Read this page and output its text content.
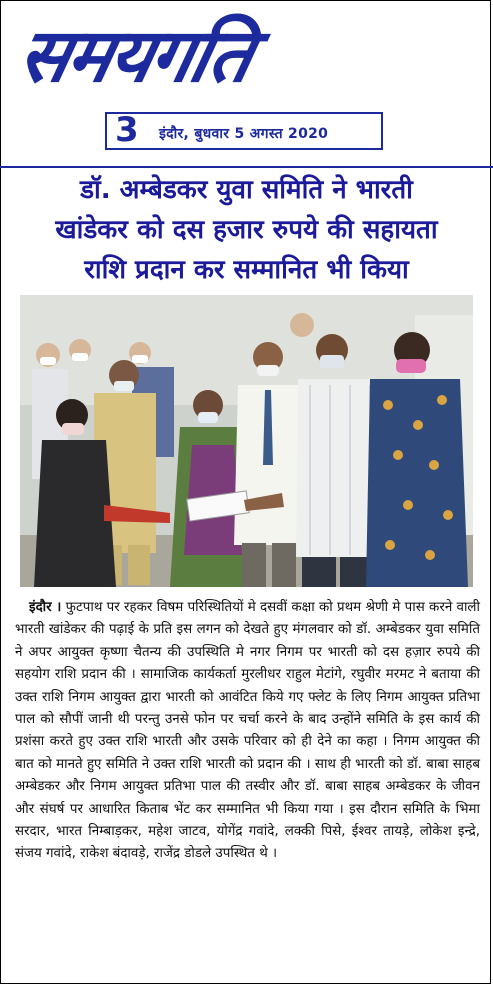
समयगति
3 इंदौर, बुधवार 5 अगस्त 2020
डॉ. अम्बेडकर युवा समिति ने भारती
खांडेकर को दस हजार रुपये की सहायता
राशि प्रदान कर सम्मानित भी किया
इंदौर । फुटपाथ पर रहकर विषम परिस्थितियों मे दसवीं कक्षा को प्रथम श्रेणी मे पास करने वाली भारती खांडेकर की पढ़ाई के प्रति इस लगन को देखते हुए मंगलवार को डॉ. अम्बेडकर युवा समिति ने अपर आयुक्त कृष्णा चैतन्य की उपस्थिति मे नगर निगम पर भारती को दस हज़ार रुपये की सहयोग राशि प्रदान की । सामाजिक कार्यकर्ता मुरलीधर राहुल मेटांगे, रघुवीर मरमट ने बताया की उक्त राशि निगम आयुक्त द्वारा भारती को आवंटित किये गए फ्लेट के लिए निगम आयुक्त प्रतिभा पाल को सौपीं जानी थी परन्तु उनसे फोन पर चर्चा करने के बाद उन्होंने समिति के इस कार्य की प्रशंसा करते हुए उक्त राशि भारती और उसके परिवार को ही देने का कहा । निगम आयुक्त की बात को मानते हुए समिति ने उक्त राशि भारती को प्रदान की । साथ ही भारती को डॉ. बाबा साहब अम्बेडकर और निगम आयुक्त प्रतिभा पाल की तस्वीर और डॉ. बाबा साहब अम्बेडकर के जीवन और संघर्ष पर आधारित किताब भेंट कर सम्मानित भी किया गया । इस दौरान समिति के भिमा सरदार, भारत निम्बाड़कर, महेश जाटव, योगेंद्र गवांदे, लक्की पिसे, ईश्वर तायड़े, लोकेश इन्द्रे, संजय गवांदे, राकेश बंदावड़े, राजेंद्र डोडले उपस्थित थे ।
